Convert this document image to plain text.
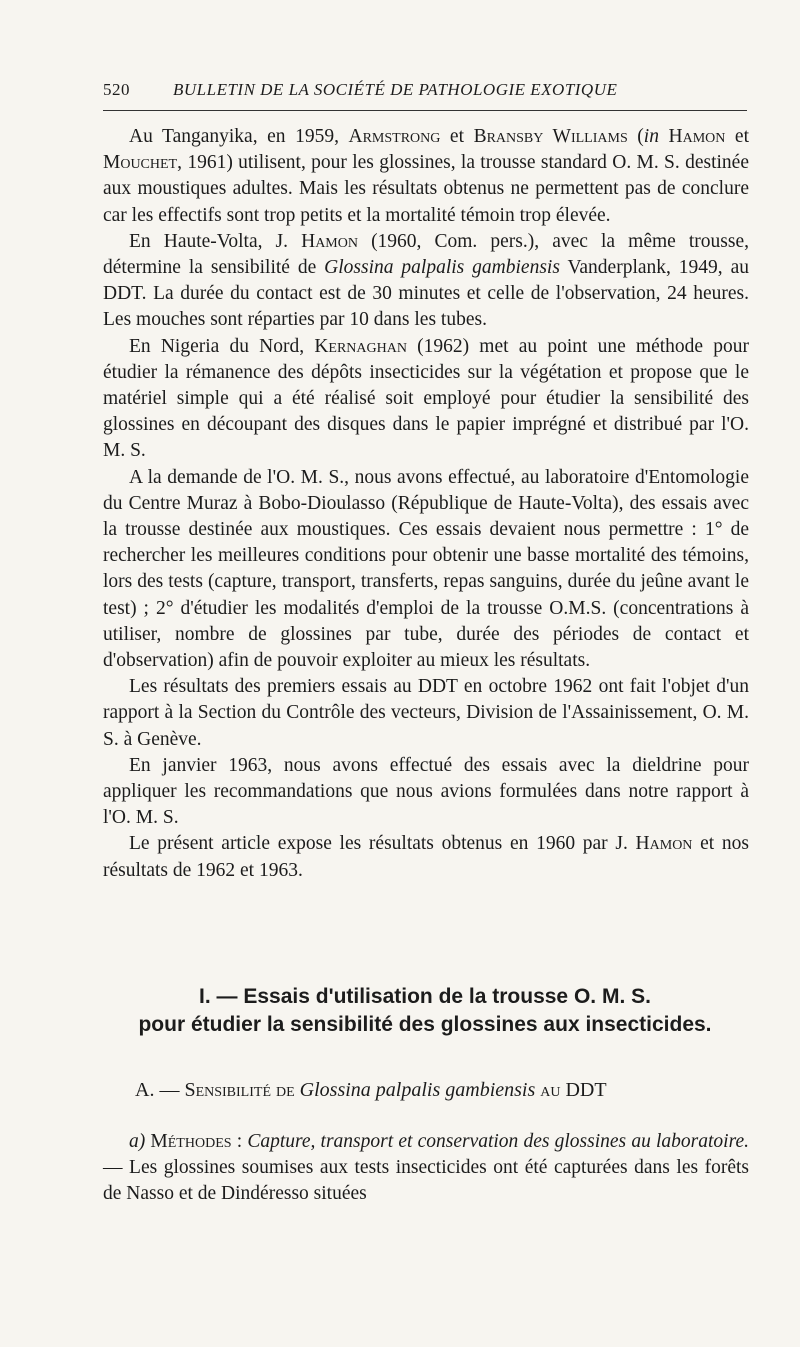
520	BULLETIN DE LA SOCIÉTÉ DE PATHOLOGIE EXOTIQUE

Au Tanganyika, en 1959, Armstrong et Bransby Williams (in Hamon et Mouchet, 1961) utilisent, pour les glossines, la trousse standard O. M. S. destinée aux moustiques adultes. Mais les résultats obtenus ne permettent pas de conclure car les effectifs sont trop petits et la mortalité témoin trop élevée.

En Haute-Volta, J. Hamon (1960, Com. pers.), avec la même trousse, détermine la sensibilité de Glossina palpalis gambiensis Vanderplank, 1949, au DDT. La durée du contact est de 30 minutes et celle de l'observation, 24 heures. Les mouches sont réparties par 10 dans les tubes.

En Nigeria du Nord, Kernaghan (1962) met au point une méthode pour étudier la rémanence des dépôts insecticides sur la végétation et propose que le matériel simple qui a été réalisé soit employé pour étudier la sensibilité des glossines en découpant des disques dans le papier imprégné et distribué par l'O. M. S.

A la demande de l'O. M. S., nous avons effectué, au laboratoire d'Entomologie du Centre Muraz à Bobo-Dioulasso (République de Haute-Volta), des essais avec la trousse destinée aux moustiques. Ces essais devaient nous permettre : 1° de rechercher les meilleures conditions pour obtenir une basse mortalité des témoins, lors des tests (capture, transport, transferts, repas sanguins, durée du jeûne avant le test) ; 2° d'étudier les modalités d'emploi de la trousse O.M.S. (concentrations à utiliser, nombre de glossines par tube, durée des périodes de contact et d'observation) afin de pouvoir exploiter au mieux les résultats.

Les résultats des premiers essais au DDT en octobre 1962 ont fait l'objet d'un rapport à la Section du Contrôle des vecteurs, Division de l'Assainissement, O. M. S. à Genève.

En janvier 1963, nous avons effectué des essais avec la dieldrine pour appliquer les recommandations que nous avions formulées dans notre rapport à l'O. M. S.

Le présent article expose les résultats obtenus en 1960 par J. Hamon et nos résultats de 1962 et 1963.

I. — Essais d'utilisation de la trousse O. M. S.
pour étudier la sensibilité des glossines aux insecticides.
A. — Sensibilité de Glossina palpalis gambiensis au DDT

a) Méthodes : Capture, transport et conservation des glossines au laboratoire. — Les glossines soumises aux tests insecticides ont été capturées dans les forêts de Nasso et de Dindéresso situées
